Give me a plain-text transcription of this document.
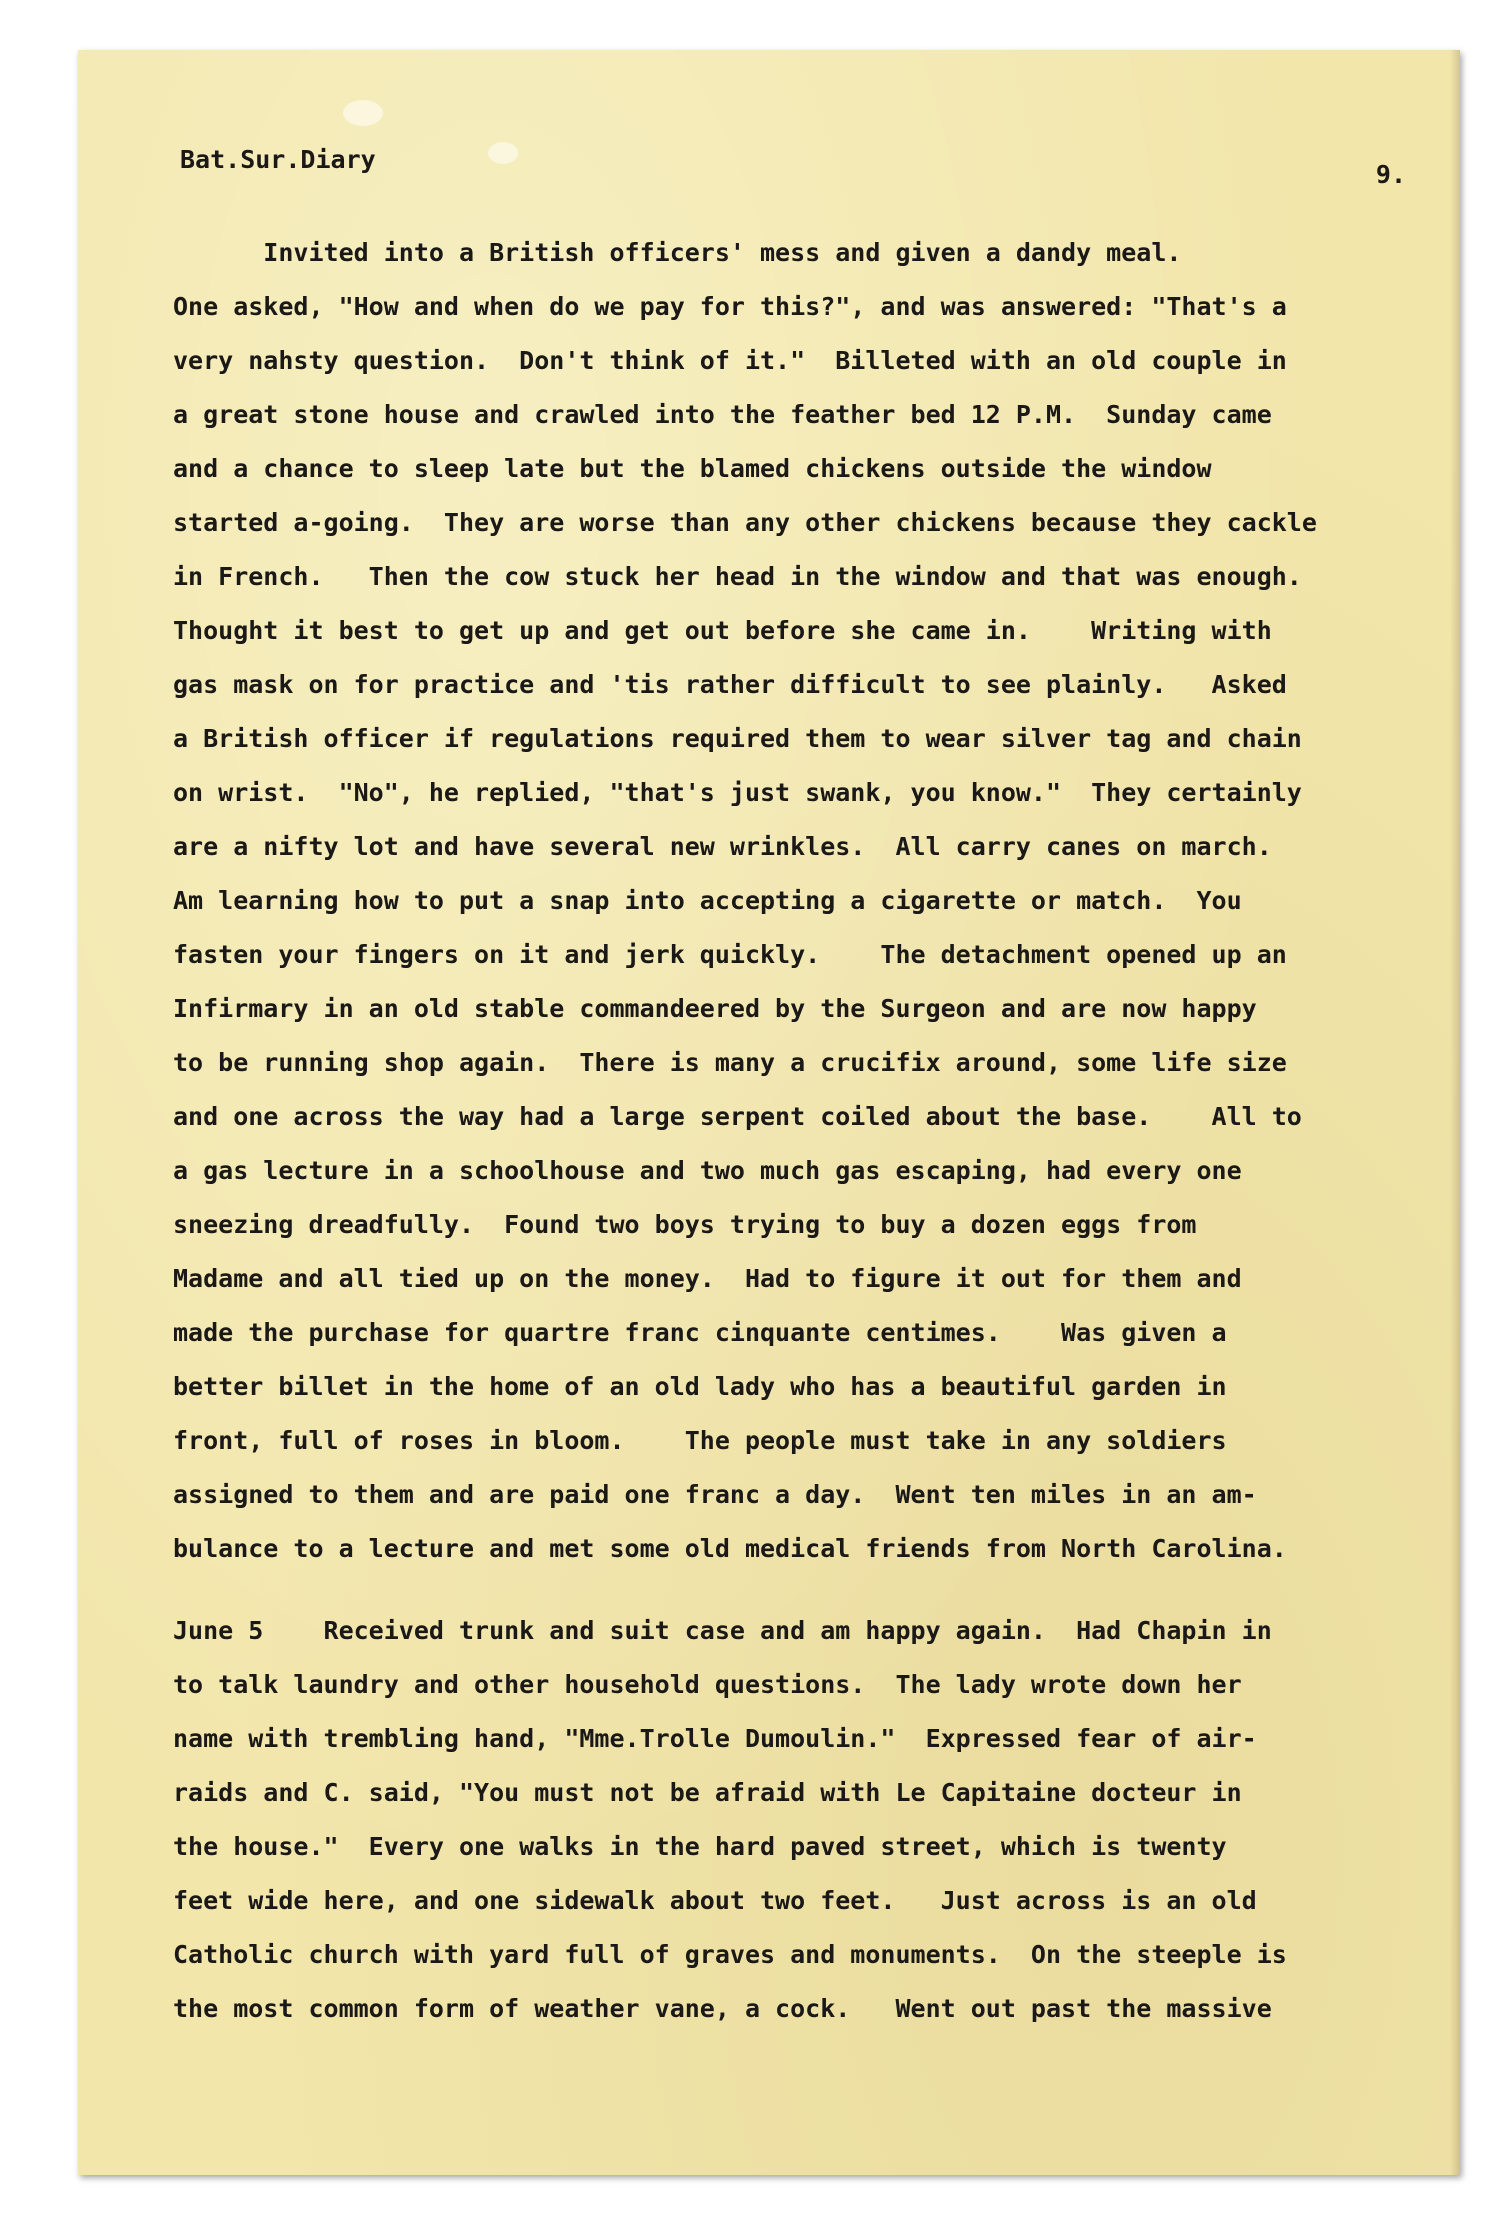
Bat.Sur.Diary
9.
Invited into a British officers' mess and given a dandy meal.
One asked, "How and when do we pay for this?", and was answered: "That's a
very nahsty question.  Don't think of it."  Billeted with an old couple in
a great stone house and crawled into the feather bed 12 P.M.  Sunday came
and a chance to sleep late but the blamed chickens outside the window
started a-going.  They are worse than any other chickens because they cackle
in French.   Then the cow stuck her head in the window and that was enough.
Thought it best to get up and get out before she came in.    Writing with
gas mask on for practice and 'tis rather difficult to see plainly.   Asked
a British officer if regulations required them to wear silver tag and chain
on wrist.  "No", he replied, "that's just swank, you know."  They certainly
are a nifty lot and have several new wrinkles.  All carry canes on march.
Am learning how to put a snap into accepting a cigarette or match.  You
fasten your fingers on it and jerk quickly.    The detachment opened up an
Infirmary in an old stable commandeered by the Surgeon and are now happy
to be running shop again.  There is many a crucifix around, some life size
and one across the way had a large serpent coiled about the base.    All to
a gas lecture in a schoolhouse and two much gas escaping, had every one
sneezing dreadfully.  Found two boys trying to buy a dozen eggs from
Madame and all tied up on the money.  Had to figure it out for them and
made the purchase for quartre franc cinquante centimes.    Was given a
better billet in the home of an old lady who has a beautiful garden in
front, full of roses in bloom.    The people must take in any soldiers
assigned to them and are paid one franc a day.  Went ten miles in an am-
bulance to a lecture and met some old medical friends from North Carolina.
June 5    Received trunk and suit case and am happy again.  Had Chapin in
to talk laundry and other household questions.  The lady wrote down her
name with trembling hand, "Mme.Trolle Dumoulin."  Expressed fear of air-
raids and C. said, "You must not be afraid with Le Capitaine docteur in
the house."  Every one walks in the hard paved street, which is twenty
feet wide here, and one sidewalk about two feet.   Just across is an old
Catholic church with yard full of graves and monuments.  On the steeple is
the most common form of weather vane, a cock.   Went out past the massive
